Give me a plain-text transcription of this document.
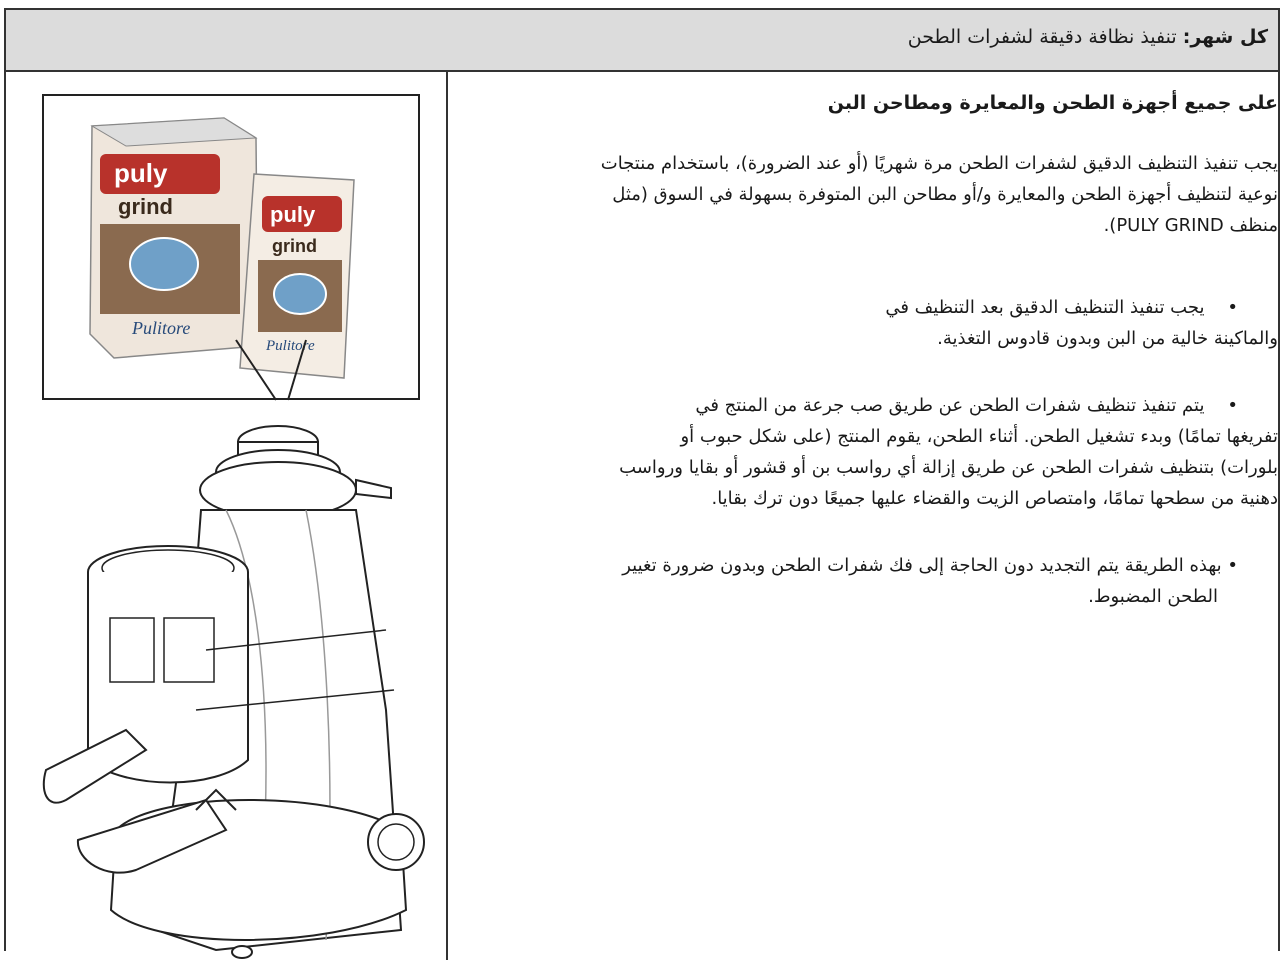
كل شهر: تنفيذ نظافة دقيقة لشفرات الطحن
puly
grind
Pulitore
puly
grind
Pulitore
على جميع أجهزة الطحن والمعايرة ومطاحن البن
يجب تنفيذ التنظيف الدقيق لشفرات الطحن مرة شهريًا (أو عند الضرورة)، باستخدام منتجات
نوعية لتنظيف أجهزة الطحن والمعايرة و/أو مطاحن البن المتوفرة بسهولة في السوق (مثل
منظف PULY GRIND).
•    يجب تنفيذ التنظيف الدقيق بعد التنظيف في
والماكينة خالية من البن وبدون قادوس التغذية.
•    يتم تنفيذ تنظيف شفرات الطحن عن طريق صب جرعة من المنتج في
تفريغها تمامًا) وبدء تشغيل الطحن. أثناء الطحن، يقوم المنتج (على شكل حبوب أو
بلورات) بتنظيف شفرات الطحن عن طريق إزالة أي رواسب بن أو قشور أو بقايا ورواسب
دهنية من سطحها تمامًا، وامتصاص الزيت والقضاء عليها جميعًا دون ترك بقايا.
• بهذه الطريقة يتم التجديد دون الحاجة إلى فك شفرات الطحن وبدون ضرورة تغيير
الطحن المضبوط.
